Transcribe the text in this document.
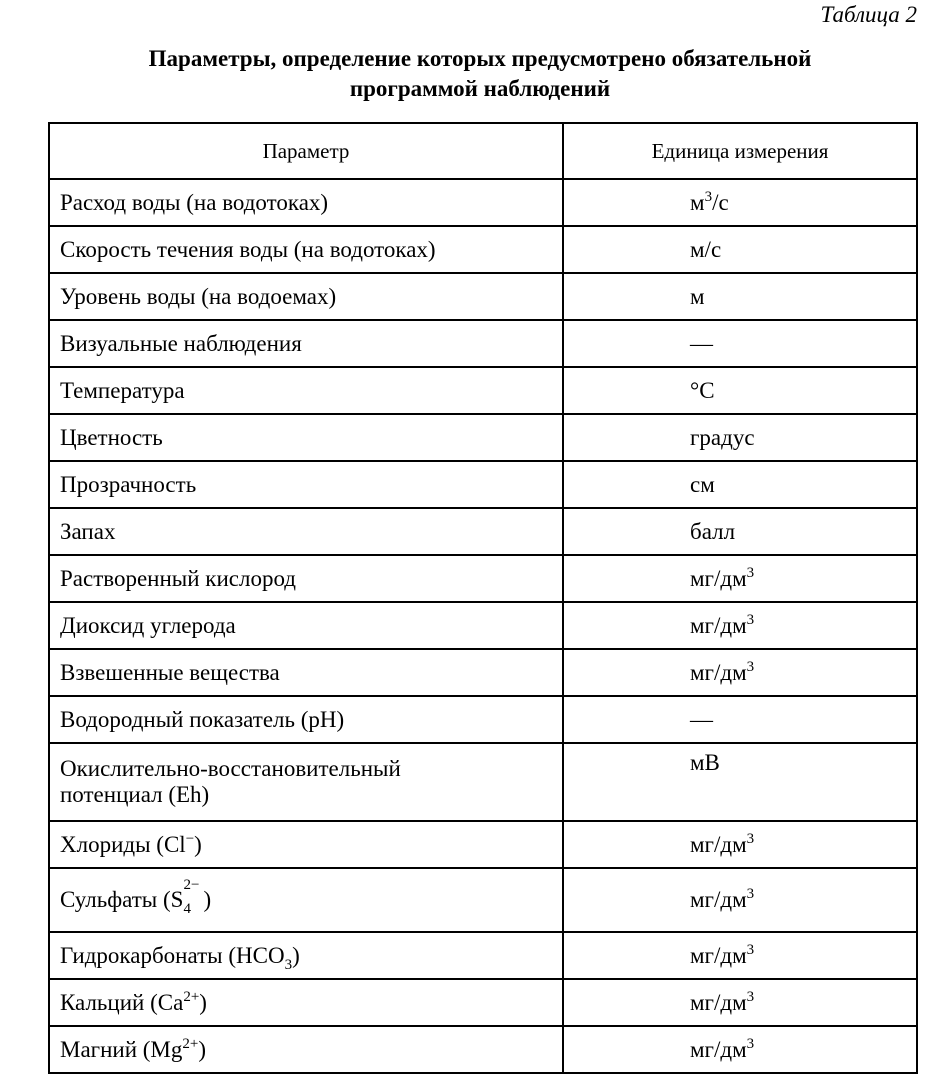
Таблица 2
Параметры, определение которых предусмотрено обязательной
программой наблюдений
Параметр	Единица измерения
Расход воды (на водотоках)	$м^3/с$
Скорость течения воды (на водотоках)	м/с
Уровень воды (на водоемах)	м
Визуальные наблюдения	—
Температура	°С
Цветность	градус
Прозрачность	см
Запах	балл
Растворенный кислород	$мг/дм^3$
Диоксид углерода	$мг/дм^3$
Взвешенные вещества	$мг/дм^3$
Водородный показатель (pH)	—
Окислительно-восстановительный
потенциал (Eh)	мВ
Хлориды (Cl−)	$мг/дм^3$
Сульфаты (S
2−
4 )	$мг/дм^3$
Гидрокарбонаты $(HCO_3)$	$мг/дм^3$
Кальций $(Ca^{2+})$	$мг/дм^3$
Магний $(Mg^{2+})$	$мг/дм^3$
